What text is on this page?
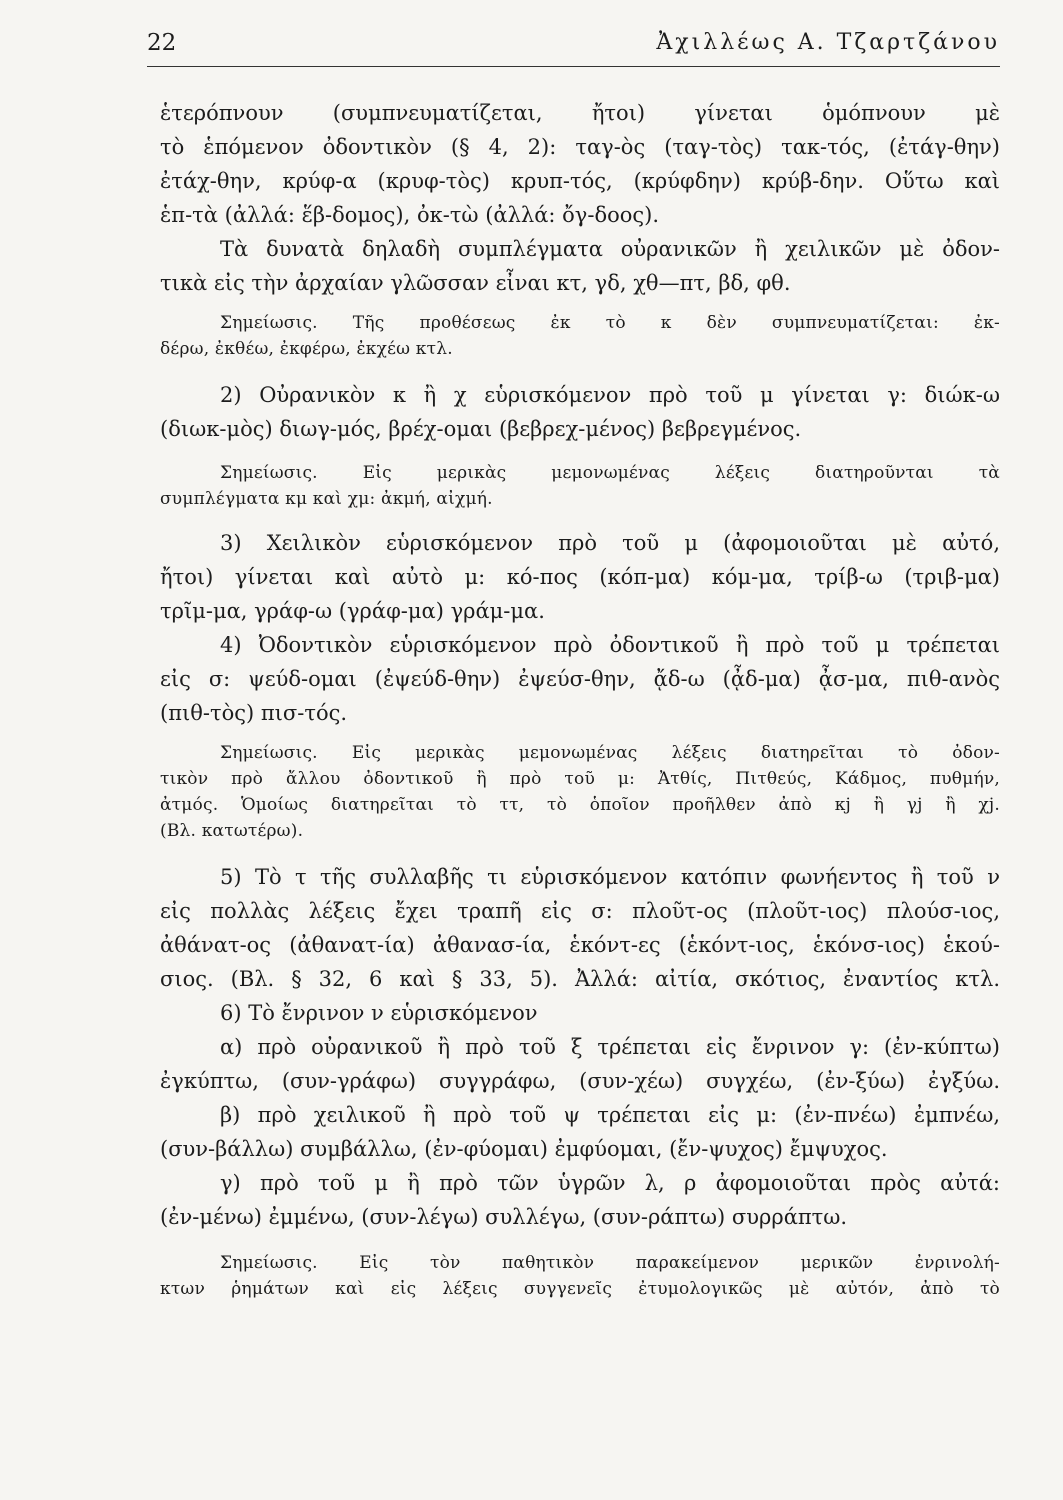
22	Ἀχιλλέως Α. Τζαρτζάνου
ἑτερόπνουν (συμπνευματίζεται, ἤτοι) γίνεται ὁμόπνουν μὲ
τὸ ἑπόμενον ὀδοντικὸν (§ 4, 2): ταγ-ὸς (ταγ-τὸς) τακ-τός, (ἐτάγ-θην)
ἐτάχ-θην, κρύφ-α (κρυφ-τὸς) κρυπ-τός, (κρύφδην) κρύβ-δην. Οὕτω καὶ
ἑπ-τὰ (ἀλλά: ἕβ-δομος), ὀκ-τὼ (ἀλλά: ὄγ-δοος).
Τὰ δυνατὰ δηλαδὴ συμπλέγματα οὐρανικῶν ἢ χειλικῶν μὲ ὀδον-
τικὰ εἰς τὴν ἀρχαίαν γλῶσσαν εἶναι κτ, γδ, χθ—πτ, βδ, φθ.
Σημείωσις. Τῆς προθέσεως ἐκ τὸ κ δὲν συμπνευματίζεται: ἐκ-
δέρω, ἐκθέω, ἐκφέρω, ἐκχέω κτλ.
2) Οὐρανικὸν κ ἢ χ εὑρισκόμενον πρὸ τοῦ μ γίνεται γ: διώκ-ω
(διωκ-μὸς) διωγ-μός, βρέχ-ομαι (βεβρεχ-μένος) βεβρεγμένος.
Σημείωσις. Εἰς μερικὰς μεμονωμένας λέξεις διατηροῦνται τὰ
συμπλέγματα κμ καὶ χμ: ἀκμή, αἰχμή.
3) Χειλικὸν εὑρισκόμενον πρὸ τοῦ μ (ἀφομοιοῦται μὲ αὐτό,
ἤτοι) γίνεται καὶ αὐτὸ μ: κό-πος (κόπ-μα) κόμ-μα, τρίβ-ω (τριβ-μα)
τρῖμ-μα, γράφ-ω (γράφ-μα) γράμ-μα.
4) Ὀδοντικὸν εὑρισκόμενον πρὸ ὀδοντικοῦ ἢ πρὸ τοῦ μ τρέπεται
εἰς σ: ψεύδ-ομαι (ἐψεύδ-θην) ἐψεύσ-θην, ᾄδ-ω (ᾆδ-μα) ᾆσ-μα, πιθ-ανὸς
(πιθ-τὸς) πισ-τός.
Σημείωσις. Εἰς μερικὰς μεμονωμένας λέξεις διατηρεῖται τὸ ὀδον-
τικὸν πρὸ ἄλλου ὀδοντικοῦ ἢ πρὸ τοῦ μ: Ἀτθίς, Πιτθεύς, Κάδμος, πυθμήν,
ἀτμός. Ὁμοίως διατηρεῖται τὸ ττ, τὸ ὁποῖον προῆλθεν ἀπὸ κj ἢ γj ἢ χj.
(Βλ. κατωτέρω).
5) Τὸ τ τῆς συλλαβῆς τι εὑρισκόμενον κατόπιν φωνήεντος ἢ τοῦ ν
εἰς πολλὰς λέξεις ἔχει τραπῆ εἰς σ: πλοῦτ-ος (πλοῦτ-ιος) πλούσ-ιος,
ἀθάνατ-ος (ἀθανατ-ία) ἀθανασ-ία, ἑκόντ-ες (ἑκόντ-ιος, ἑκόνσ-ιος) ἑκού-
σιος. (Βλ. § 32, 6 καὶ § 33, 5). Ἀλλά: αἰτία, σκότιος, ἐναντίος κτλ.
6) Τὸ ἔνρινον ν εὑρισκόμενον
α) πρὸ οὐρανικοῦ ἢ πρὸ τοῦ ξ τρέπεται εἰς ἔνρινον γ: (ἐν-κύπτω)
ἐγκύπτω, (συν-γράφω) συγγράφω, (συν-χέω) συγχέω, (ἐν-ξύω) ἐγξύω.
β) πρὸ χειλικοῦ ἢ πρὸ τοῦ ψ τρέπεται εἰς μ: (ἐν-πνέω) ἐμπνέω,
(συν-βάλλω) συμβάλλω, (ἐν-φύομαι) ἐμφύομαι, (ἔν-ψυχος) ἔμψυχος.
γ) πρὸ τοῦ μ ἢ πρὸ τῶν ὑγρῶν λ, ρ ἀφομοιοῦται πρὸς αὐτά:
(ἐν-μένω) ἐμμένω, (συν-λέγω) συλλέγω, (συν-ράπτω) συρράπτω.
Σημείωσις. Εἰς τὸν παθητικὸν παρακείμενον μερικῶν ἐνρινολή-
κτων ῥημάτων καὶ εἰς λέξεις συγγενεῖς ἐτυμολογικῶς μὲ αὐτόν, ἀπὸ τὸ
